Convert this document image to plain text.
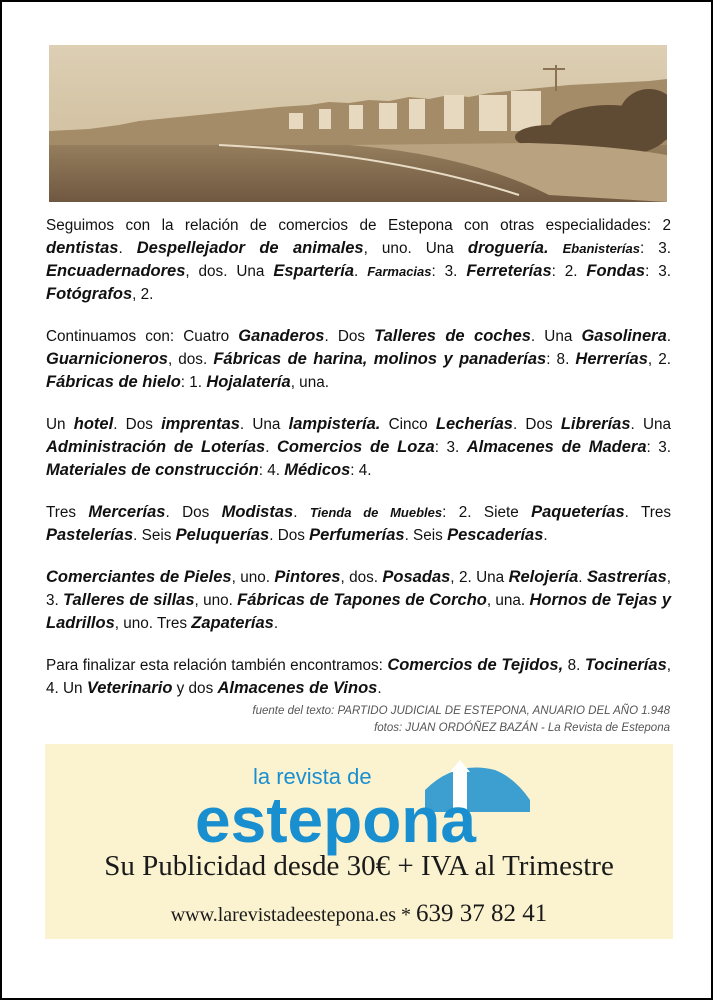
Seguimos con la relación de comercios de Estepona con otras especialidades: 2 dentistas. Despellejador de animales, uno. Una droguería. Ebanisterías: 3. Encuadernadores, dos. Una Espartería. Farmacias: 3. Ferreterías: 2. Fondas: 3. Fotógrafos, 2.

Continuamos con: Cuatro Ganaderos. Dos Talleres de coches. Una Gasolinera. Guarnicioneros, dos. Fábricas de harina, molinos y panaderías: 8. Herrerías, 2. Fábricas de hielo: 1. Hojalatería, una.

Un hotel. Dos imprentas. Una lampistería. Cinco Lecherías. Dos Librerías. Una Administración de Loterías. Comercios de Loza: 3. Almacenes de Madera: 3. Materiales de construcción: 4. Médicos: 4.

Tres Mercerías. Dos Modistas. Tienda de Muebles: 2. Siete Paqueterías. Tres Pastelerías. Seis Peluquerías. Dos Perfumerías. Seis Pescaderías.

Comerciantes de Pieles, uno. Pintores, dos. Posadas, 2. Una Relojería. Sastrerías, 3. Talleres de sillas, uno. Fábricas de Tapones de Corcho, una. Hornos de Tejas y Ladrillos, uno. Tres Zapaterías.

Para finalizar esta relación también encontramos: Comercios de Tejidos, 8. Tocinerías, 4. Un Veterinario y dos Almacenes de Vinos.

fuente del texto: PARTIDO JUDICIAL DE ESTEPONA, ANUARIO DEL AÑO 1.948
fotos: JUAN ORDÓÑEZ BAZÁN - La Revista de Estepona
la revista de
estepona
Su Publicidad desde 30€ + IVA al Trimestre
www.larevistadeestepona.es * 639 37 82 41
